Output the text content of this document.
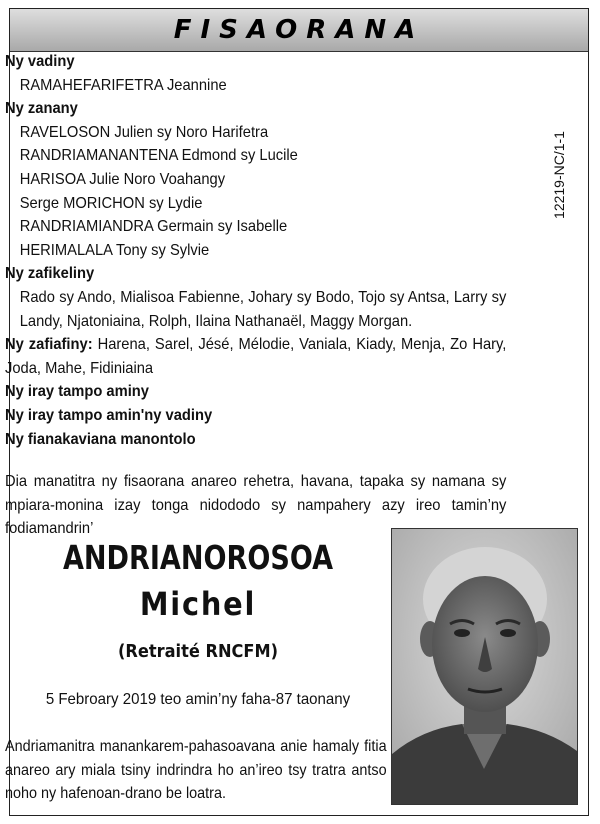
FISAORANA

Ny vadiny

RAMAHEFARIFETRA Jeannine

Ny zanany

RAVELOSON Julien sy Noro Harifetra

RANDRIAMANANTENA Edmond sy Lucile

HARISOA Julie Noro Voahangy

Serge MORICHON sy Lydie

RANDRIAMIANDRA Germain sy Isabelle

HERIMALALA Tony sy Sylvie

Ny zafikeliny

Rado sy Ando, Mialisoa Fabienne, Johary sy Bodo, Tojo sy Antsa, Larry sy Landy, Njatoniaina, Rolph, Ilaina Nathanaël, Maggy Morgan.

Ny zafiafiny: Harena, Sarel, Jésé, Mélodie, Vaniala, Kiady, Menja, Zo Hary, Joda, Mahe, Fidiniaina

Ny iray tampo aminy

Ny iray tampo amin'ny vadiny

Ny fianakaviana manontolo

Dia manatitra ny fisaorana anareo rehetra, havana, tapaka sy namana sy mpiara-monina izay tonga nidododo sy nampahery azy ireo tamin’ny fodiamandrin’

12219-NC/1-1
ANDRIANOROSOA
Michel
(Retraité RNCFM)
5 Febroary 2019 teo amin’ny faha-87 taonany

Andriamanitra manankarem-pahasoavana anie hamaly fitia anareo ary miala tsiny indrindra ho an’ireo tsy tratra antso noho ny hafenoan-drano be loatra.
